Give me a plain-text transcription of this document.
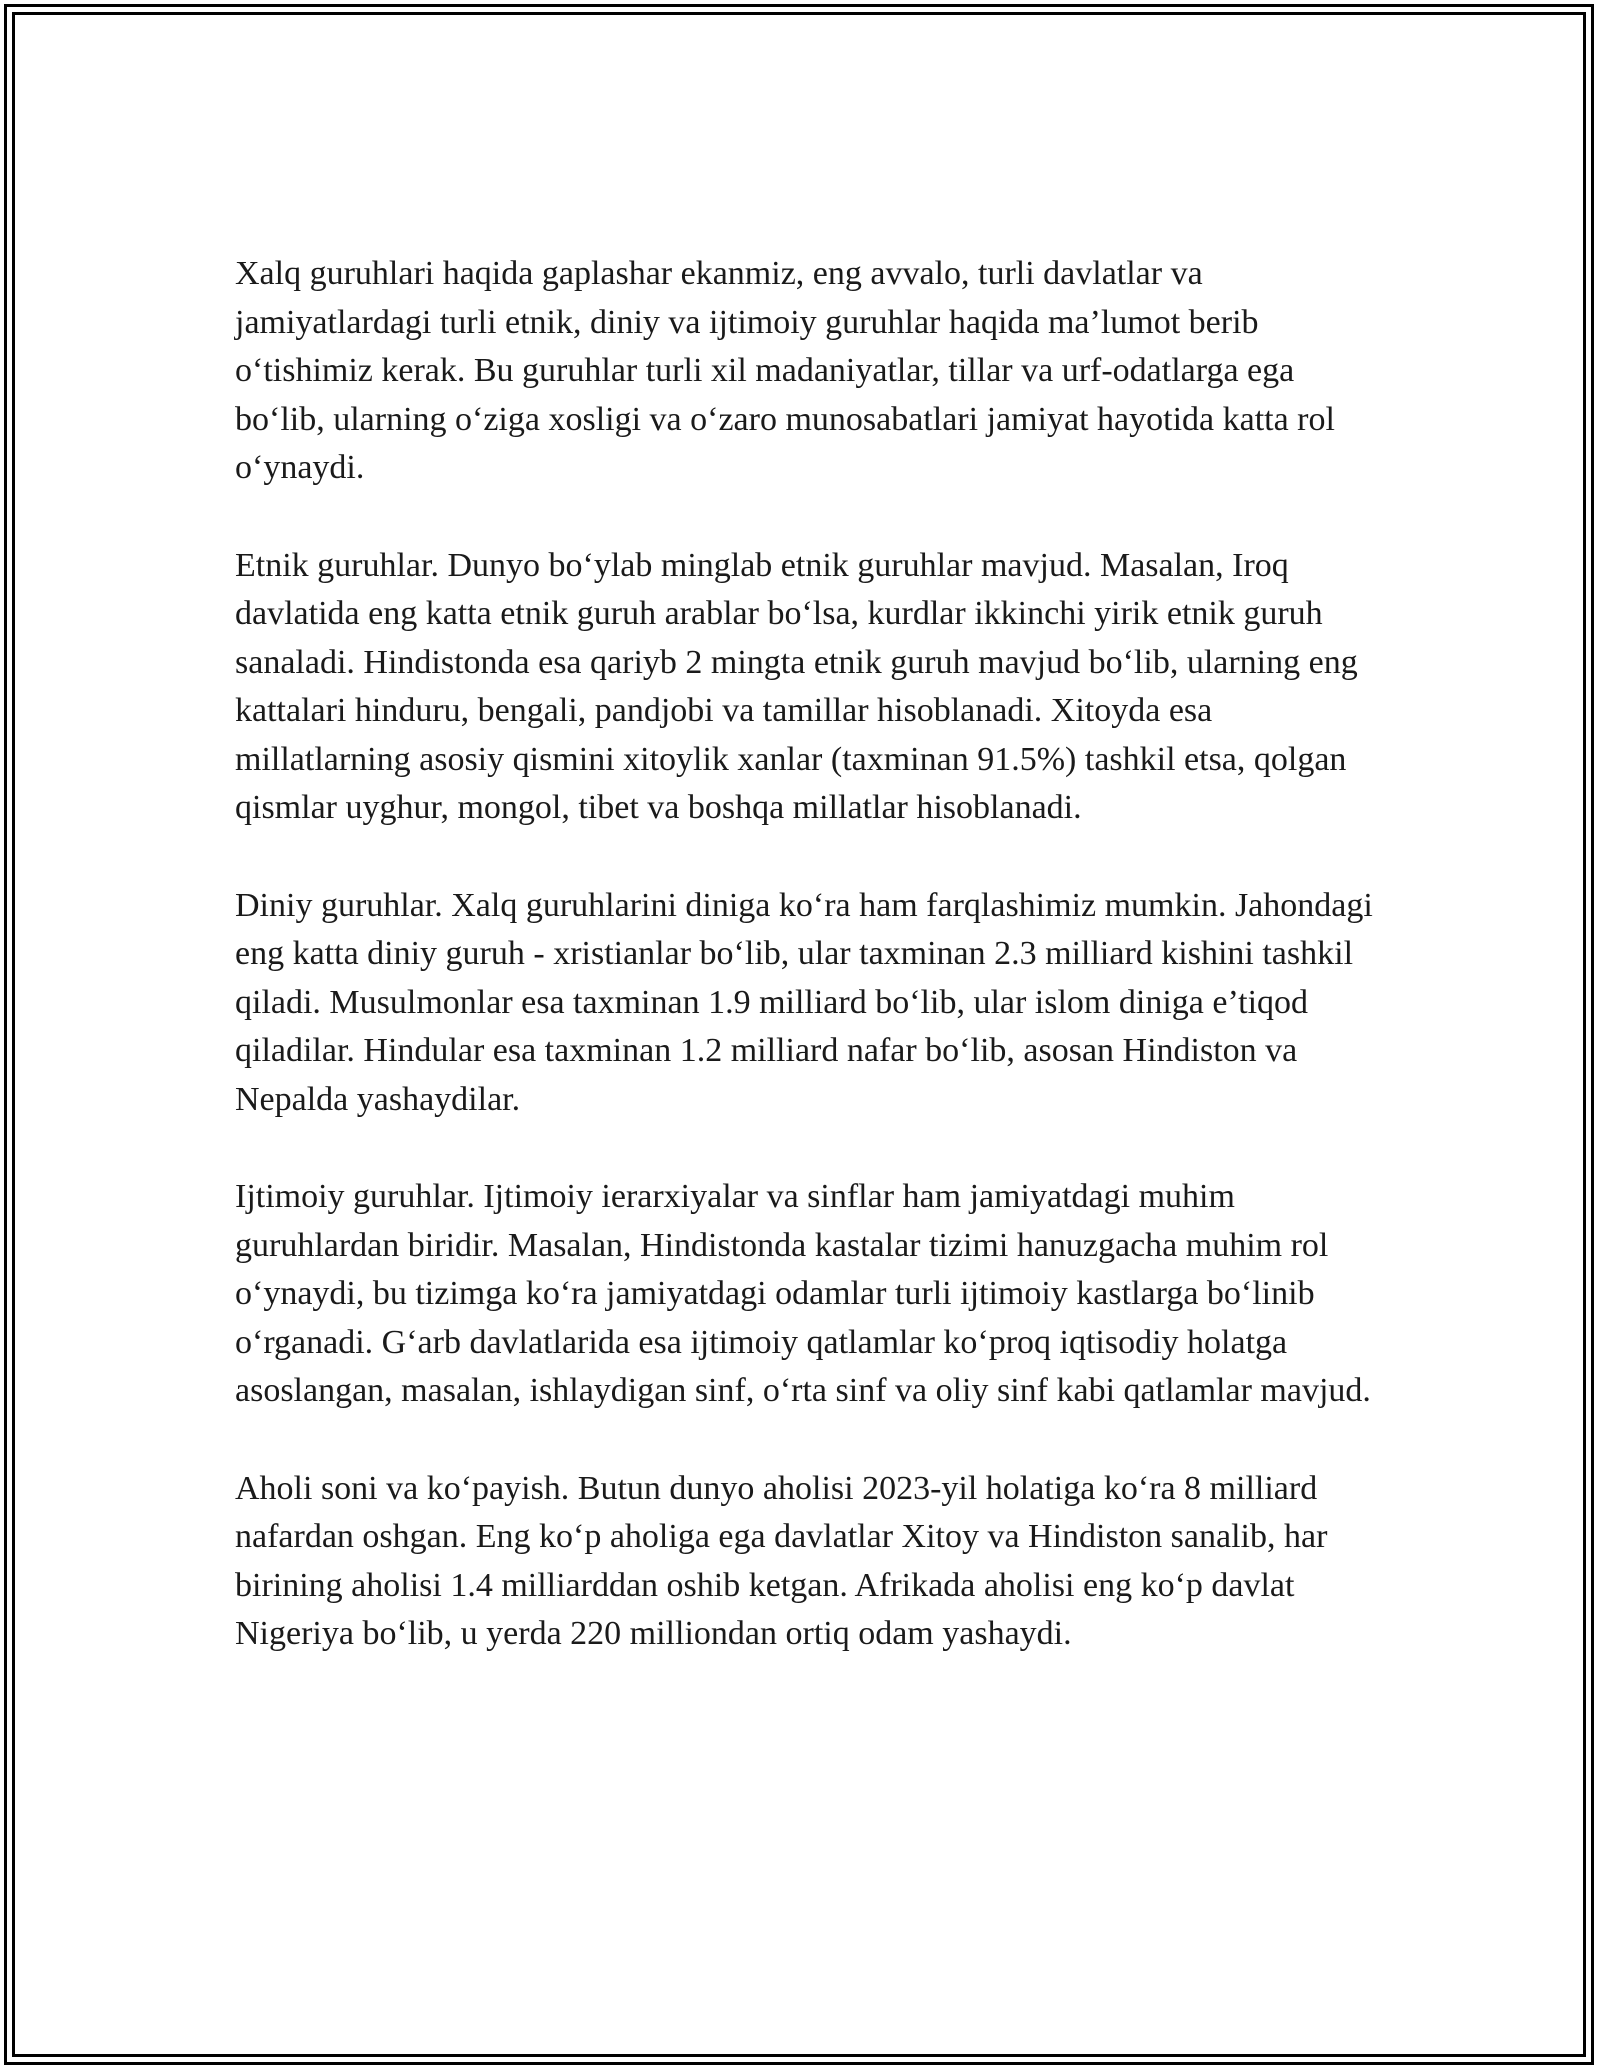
Xalq guruhlari haqida gaplashar ekanmiz, eng avvalo, turli davlatlar va jamiyatlardagi turli etnik, diniy va ijtimoiy guruhlar haqida ma’lumot berib o‘tishimiz kerak. Bu guruhlar turli xil madaniyatlar, tillar va urf-odatlarga ega bo‘lib, ularning o‘ziga xosligi va o‘zaro munosabatlari jamiyat hayotida katta rol o‘ynaydi.

Etnik guruhlar. Dunyo bo‘ylab minglab etnik guruhlar mavjud. Masalan, Iroq davlatida eng katta etnik guruh arablar bo‘lsa, kurdlar ikkinchi yirik etnik guruh sanaladi. Hindistonda esa qariyb 2 mingta etnik guruh mavjud bo‘lib, ularning eng kattalari hinduru, bengali, pandjobi va tamillar hisoblanadi. Xitoyda esa millatlarning asosiy qismini xitoylik xanlar (taxminan 91.5%) tashkil etsa, qolgan qismlar uyghur, mongol, tibet va boshqa millatlar hisoblanadi.

Diniy guruhlar. Xalq guruhlarini diniga ko‘ra ham farqlashimiz mumkin. Jahondagi eng katta diniy guruh - xristianlar bo‘lib, ular taxminan 2.3 milliard kishini tashkil qiladi. Musulmonlar esa taxminan 1.9 milliard bo‘lib, ular islom diniga e’tiqod qiladilar. Hindular esa taxminan 1.2 milliard nafar bo‘lib, asosan Hindiston va Nepalda yashaydilar.

Ijtimoiy guruhlar. Ijtimoiy ierarxiyalar va sinflar ham jamiyatdagi muhim guruhlardan biridir. Masalan, Hindistonda kastalar tizimi hanuzgacha muhim rol o‘ynaydi, bu tizimga ko‘ra jamiyatdagi odamlar turli ijtimoiy kastlarga bo‘linib o‘rganadi. G‘arb davlatlarida esa ijtimoiy qatlamlar ko‘proq iqtisodiy holatga asoslangan, masalan, ishlaydigan sinf, o‘rta sinf va oliy sinf kabi qatlamlar mavjud.

Aholi soni va ko‘payish. Butun dunyo aholisi 2023-yil holatiga ko‘ra 8 milliard nafardan oshgan. Eng ko‘p aholiga ega davlatlar Xitoy va Hindiston sanalib, har birining aholisi 1.4 milliarddan oshib ketgan. Afrikada aholisi eng ko‘p davlat Nigeriya bo‘lib, u yerda 220 milliondan ortiq odam yashaydi.
